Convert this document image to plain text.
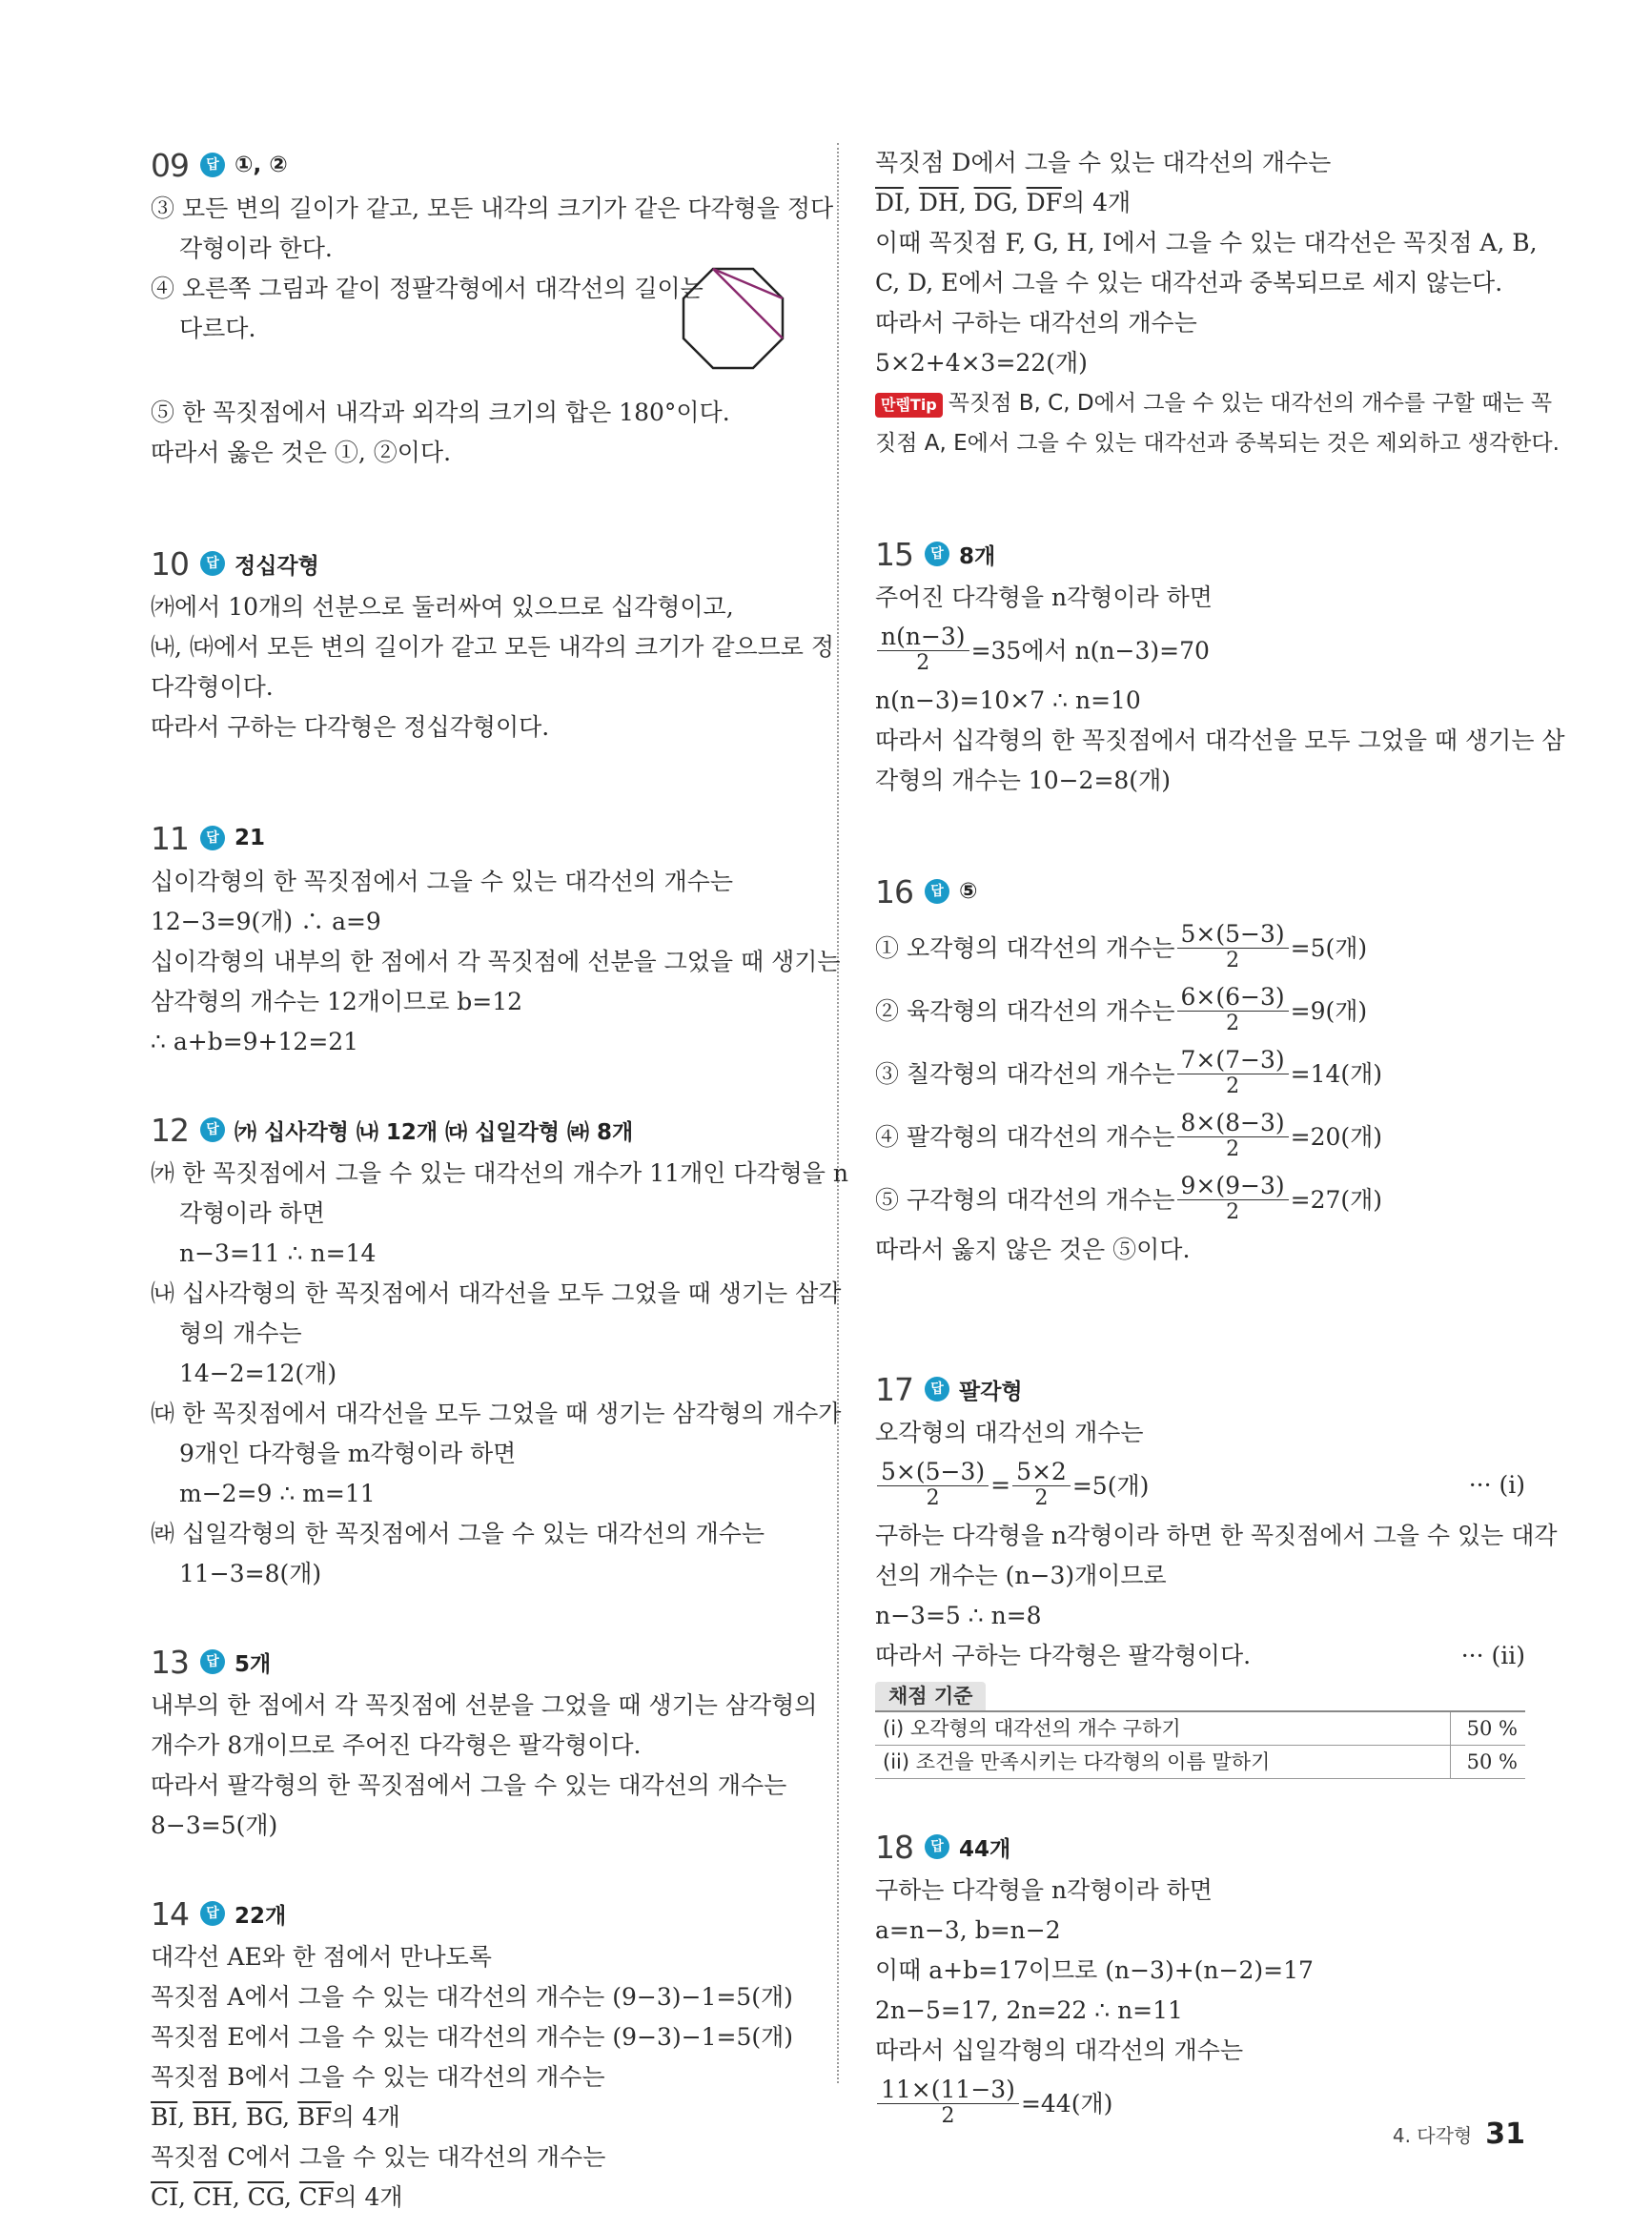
09	답 ①, ②
③ 모든 변의 길이가 같고, 모든 내각의 크기가 같은 다각형을 정다
각형이라 한다.
④ 오른쪽 그림과 같이 정팔각형에서 대각선의 길이는
다르다.
⑤ 한 꼭짓점에서 내각과 외각의 크기의 합은 180°이다.
따라서 옳은 것은 ①, ②이다.
10	답 정십각형
㈎에서 10개의 선분으로 둘러싸여 있으므로 십각형이고,
㈏, ㈐에서 모든 변의 길이가 같고 모든 내각의 크기가 같으므로 정
다각형이다.
따라서 구하는 다각형은 정십각형이다.
11	답 21
십이각형의 한 꼭짓점에서 그을 수 있는 대각선의 개수는
12−3=9(개) ∴ a=9
십이각형의 내부의 한 점에서 각 꼭짓점에 선분을 그었을 때 생기는
삼각형의 개수는 12개이므로 b=12
∴ a+b=9+12=21
12	답 ㈎ 십사각형 ㈏ 12개 ㈐ 십일각형 ㈑ 8개
㈎ 한 꼭짓점에서 그을 수 있는 대각선의 개수가 11개인 다각형을 n
각형이라 하면
n−3=11 ∴ n=14
㈏ 십사각형의 한 꼭짓점에서 대각선을 모두 그었을 때 생기는 삼각
형의 개수는
14−2=12(개)
㈐ 한 꼭짓점에서 대각선을 모두 그었을 때 생기는 삼각형의 개수가
9개인 다각형을 m각형이라 하면
m−2=9 ∴ m=11
㈑ 십일각형의 한 꼭짓점에서 그을 수 있는 대각선의 개수는
11−3=8(개)
13	답 5개
내부의 한 점에서 각 꼭짓점에 선분을 그었을 때 생기는 삼각형의
개수가 8개이므로 주어진 다각형은 팔각형이다.
따라서 팔각형의 한 꼭짓점에서 그을 수 있는 대각선의 개수는
8−3=5(개)
14	답 22개
대각선 AE와 한 점에서 만나도록
꼭짓점 A에서 그을 수 있는 대각선의 개수는 (9−3)−1=5(개)
꼭짓점 E에서 그을 수 있는 대각선의 개수는 (9−3)−1=5(개)
꼭짓점 B에서 그을 수 있는 대각선의 개수는
$\overline{BI}$, $\overline{BH}$, $\overline{BG}$, $\overline{BF}$의 4개
꼭짓점 C에서 그을 수 있는 대각선의 개수는
$\overline{CI}$, $\overline{CH}$, $\overline{CG}$, $\overline{CF}$의 4개
꼭짓점 D에서 그을 수 있는 대각선의 개수는
$\overline{DI}$, $\overline{DH}$, $\overline{DG}$, $\overline{DF}$의 4개
이때 꼭짓점 F, G, H, I에서 그을 수 있는 대각선은 꼭짓점 A, B,
C, D, E에서 그을 수 있는 대각선과 중복되므로 세지 않는다.
따라서 구하는 대각선의 개수는
5×2+4×3=22(개)
만렙Tip 꼭짓점 B, C, D에서 그을 수 있는 대각선의 개수를 구할 때는 꼭
짓점 A, E에서 그을 수 있는 대각선과 중복되는 것은 제외하고 생각한다.
15	답 8개
주어진 다각형을 n각형이라 하면
$\frac{n(n-3)}{2} =35$에서 n(n−3)=70
n(n−3)=10×7 ∴ n=10
따라서 십각형의 한 꼭짓점에서 대각선을 모두 그었을 때 생기는 삼
각형의 개수는 10−2=8(개)
16	답 ⑤
① 오각형의 대각선의 개수는 $\frac{5\times(5-3)}{2} =5$(개)
② 육각형의 대각선의 개수는 $\frac{6\times(6-3)}{2} =9$(개)
③ 칠각형의 대각선의 개수는 $\frac{7\times(7-3)}{2} =14$(개)
④ 팔각형의 대각선의 개수는 $\frac{8\times(8-3)}{2} =20$(개)
⑤ 구각형의 대각선의 개수는 $\frac{9\times(9-3)}{2} =27$(개)
따라서 옳지 않은 것은 ⑤이다.
17	답 팔각형
오각형의 대각선의 개수는
$\frac{5\times(5-3)}{2} = \frac{5\times 2}{2} =5$(개)	··· (i)
구하는 다각형을 n각형이라 하면 한 꼭짓점에서 그을 수 있는 대각
선의 개수는 (n−3)개이므로
n−3=5 ∴ n=8
따라서 구하는 다각형은 팔각형이다.	··· (ii)
채점 기준
(i) 오각형의 대각선의 개수 구하기	50 %
(ii) 조건을 만족시키는 다각형의 이름 말하기	50 %
18	답 44개
구하는 다각형을 n각형이라 하면
a=n−3, b=n−2
이때 a+b=17이므로 (n−3)+(n−2)=17
2n−5=17, 2n=22 ∴ n=11
따라서 십일각형의 대각선의 개수는
$\frac{11\times(11-3)}{2} =44$(개)
4. 다각형 31
